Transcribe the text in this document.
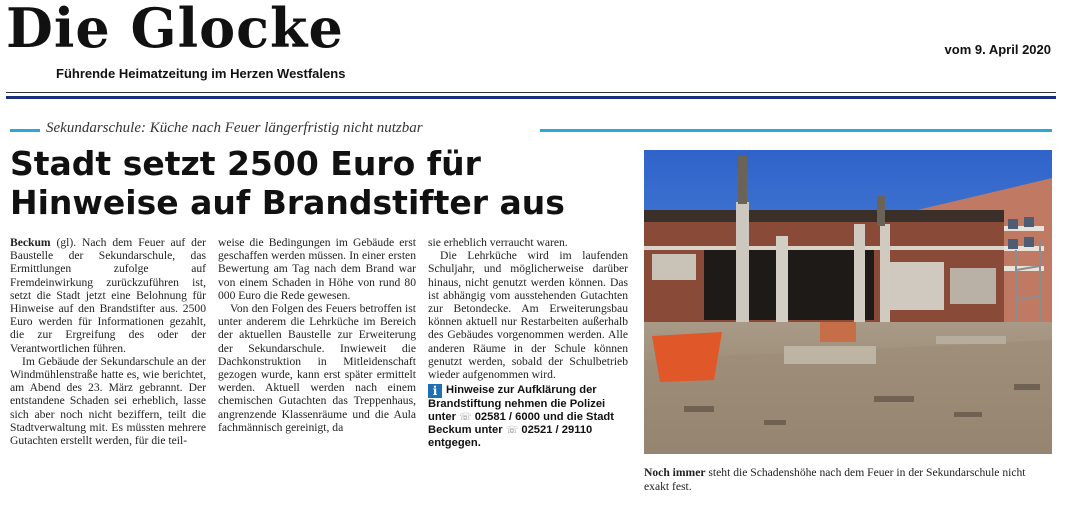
Die Glocke
Führende Heimatzeitung im Herzen Westfalens
vom 9. April 2020
Sekundarschule: Küche nach Feuer längerfristig nicht nutzbar
Stadt setzt 2500 Euro für Hinweise auf Brandstifter aus

Beckum (gl). Nach dem Feuer auf der Baustelle der Sekundarschule, das Ermittlungen zufolge auf Fremdeinwirkung zurückzuführen ist, setzt die Stadt jetzt eine Belohnung für Hinweise auf den Brandstifter aus. 2500 Euro werden für Informationen gezahlt, die zur Ergreifung des oder der Verantwortlichen führen.

Im Gebäude der Sekundarschule an der Windmühlenstraße hatte es, wie berichtet, am Abend des 23. März gebrannt. Der entstandene Schaden sei erheblich, lasse sich aber noch nicht beziffern, teilt die Stadtverwaltung mit. Es müssten mehrere Gutachten erstellt werden, für die teil-

weise die Bedingungen im Gebäude erst geschaffen werden müssen. In einer ersten Bewertung am Tag nach dem Brand war von einem Schaden in Höhe von rund 80 000 Euro die Rede gewesen.

Von den Folgen des Feuers betroffen ist unter anderem die Lehrküche im Bereich der aktuellen Baustelle zur Erweiterung der Sekundarschule. Inwieweit die Dachkonstruktion in Mitleidenschaft gezogen wurde, kann erst später ermittelt werden. Aktuell werden nach einem chemischen Gutachten das Treppenhaus, angrenzende Klassenräume und die Aula fachmännisch gereinigt, da

sie erheblich verraucht waren.

Die Lehrküche wird im laufenden Schuljahr, und möglicherweise darüber hinaus, nicht genutzt werden können. Das ist abhängig vom ausstehenden Gutachten zur Betondecke. Am Erweiterungsbau können aktuell nur Restarbeiten außerhalb des Gebäudes vorgenommen werden. Alle anderen Räume in der Schule können genutzt werden, sobald der Schulbetrieb wieder aufgenommen wird.

i Hinweise zur Aufklärung der Brandstiftung nehmen die Polizei unter ☏ 02581 / 6000 und die Stadt Beckum unter ☏ 02521 / 29110 entgegen.
Noch immer steht die Schadenshöhe nach dem Feuer in der Sekundarschule nicht exakt fest.
